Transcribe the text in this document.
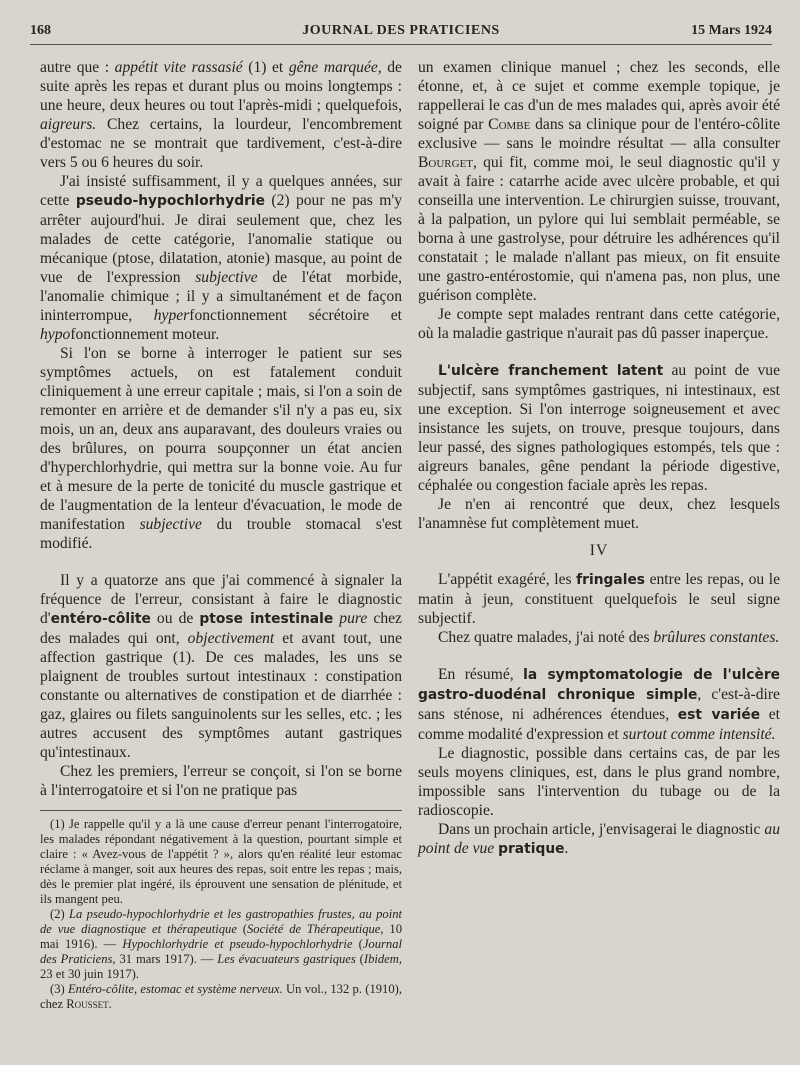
168	JOURNAL DES PRATICIENS	15 Mars 1924

autre que : appétit vite rassasié (1) et gêne marquée, de suite après les repas et durant plus ou moins longtemps : une heure, deux heures ou tout l'après-midi ; quelquefois, aigreurs. Chez certains, la lourdeur, l'encombrement d'estomac ne se montrait que tardivement, c'est-à-dire vers 5 ou 6 heures du soir.

J'ai insisté suffisamment, il y a quelques années, sur cette pseudo-hypochlorhydrie (2) pour ne pas m'y arrêter aujourd'hui. Je dirai seulement que, chez les malades de cette catégorie, l'anomalie statique ou mécanique (ptose, dilatation, atonie) masque, au point de vue de l'expression subjective de l'état morbide, l'anomalie chimique ; il y a simultanément et de façon ininterrompue, hyperfonctionnement sécrétoire et hypofonctionnement moteur.

Si l'on se borne à interroger le patient sur ses symptômes actuels, on est fatalement conduit cliniquement à une erreur capitale ; mais, si l'on a soin de remonter en arrière et de demander s'il n'y a pas eu, six mois, un an, deux ans auparavant, des douleurs vraies ou des brûlures, on pourra soupçonner un état ancien d'hyperchlorhydrie, qui mettra sur la bonne voie. Au fur et à mesure de la perte de tonicité du muscle gastrique et de l'augmentation de la lenteur d'évacuation, le mode de manifestation subjective du trouble stomacal s'est modifié.

Il y a quatorze ans que j'ai commencé à signaler la fréquence de l'erreur, consistant à faire le diagnostic d'entéro-côlite ou de ptose intestinale pure chez des malades qui ont, objectivement et avant tout, une affection gastrique (1). De ces malades, les uns se plaignent de troubles surtout intestinaux : constipation constante ou alternatives de constipation et de diarrhée : gaz, glaires ou filets sanguinolents sur les selles, etc. ; les autres accusent des symptômes autant gastriques qu'intestinaux.

Chez les premiers, l'erreur se conçoit, si l'on se borne à l'interrogatoire et si l'on ne pratique pas

(1) Je rappelle qu'il y a là une cause d'erreur penant l'interrogatoire, les malades répondant négativement à la question, pourtant simple et claire : « Avez-vous de l'appétit ? », alors qu'en réalité leur estomac réclame à manger, soit aux heures des repas, soit entre les repas ; mais, dès le premier plat ingéré, ils éprouvent une sensation de plénitude, et ils mangent peu.

(2) La pseudo-hypochlorhydrie et les gastropathies frustes, au point de vue diagnostique et thérapeutique (Société de Thérapeutique, 10 mai 1916). — Hypochlorhydrie et pseudo-hypochlorhydrie (Journal des Praticiens, 31 mars 1917). — Les évacuateurs gastriques (Ibidem, 23 et 30 juin 1917).

(3) Entéro-côlite, estomac et système nerveux. Un vol., 132 p. (1910), chez Rousset.

un examen clinique manuel ; chez les seconds, elle étonne, et, à ce sujet et comme exemple topique, je rappellerai le cas d'un de mes malades qui, après avoir été soigné par Combe dans sa clinique pour de l'entéro-côlite exclusive — sans le moindre résultat — alla consulter Bourget, qui fit, comme moi, le seul diagnostic qu'il y avait à faire : catarrhe acide avec ulcère probable, et qui conseilla une intervention. Le chirurgien suisse, trouvant, à la palpation, un pylore qui lui semblait perméable, se borna à une gastrolyse, pour détruire les adhérences qu'il constatait ; le malade n'allant pas mieux, on fit ensuite une gastro-entérostomie, qui n'amena pas, non plus, une guérison complète.

Je compte sept malades rentrant dans cette catégorie, où la maladie gastrique n'aurait pas dû passer inaperçue.

L'ulcère franchement latent au point de vue subjectif, sans symptômes gastriques, ni intestinaux, est une exception. Si l'on interroge soigneusement et avec insistance les sujets, on trouve, presque toujours, dans leur passé, des signes pathologiques estompés, tels que : aigreurs banales, gêne pendant la période digestive, céphalée ou congestion faciale après les repas.

Je n'en ai rencontré que deux, chez lesquels l'anamnèse fut complètement muet.

IV

L'appétit exagéré, les fringales entre les repas, ou le matin à jeun, constituent quelquefois le seul signe subjectif.

Chez quatre malades, j'ai noté des brûlures constantes.

En résumé, la symptomatologie de l'ulcère gastro-duodénal chronique simple, c'est-à-dire sans sténose, ni adhérences étendues, est variée et comme modalité d'expression et surtout comme intensité.

Le diagnostic, possible dans certains cas, de par les seuls moyens cliniques, est, dans le plus grand nombre, impossible sans l'intervention du tubage ou de la radioscopie.

Dans un prochain article, j'envisagerai le diagnostic au point de vue pratique.
